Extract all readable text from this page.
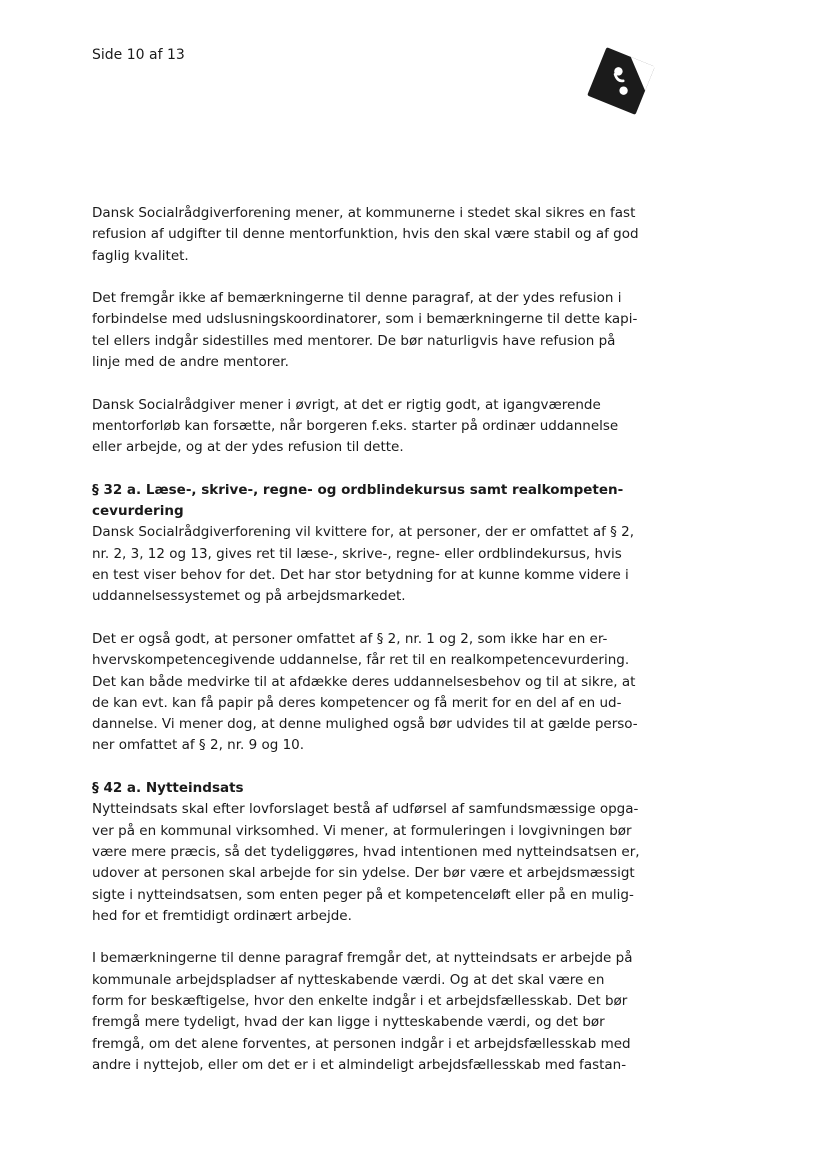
Side 10 af 13

Dansk Socialrådgiverforening mener, at kommunerne i stedet skal sikres en fast
refusion af udgifter til denne mentorfunktion, hvis den skal være stabil og af god
faglig kvalitet.

Det fremgår ikke af bemærkningerne til denne paragraf, at der ydes refusion i
forbindelse med udslusningskoordinatorer, som i bemærkningerne til dette kapi-
tel ellers indgår sidestilles med mentorer. De bør naturligvis have refusion på
linje med de andre mentorer.

Dansk Socialrådgiver mener i øvrigt, at det er rigtig godt, at igangværende
mentorforløb kan forsætte, når borgeren f.eks. starter på ordinær uddannelse
eller arbejde, og at der ydes refusion til dette.

§ 32 a. Læse-, skrive-, regne- og ordblindekursus samt realkompeten-
cevurdering

Dansk Socialrådgiverforening vil kvittere for, at personer, der er omfattet af § 2,
nr. 2, 3, 12 og 13, gives ret til læse-, skrive-, regne- eller ordblindekursus, hvis
en test viser behov for det. Det har stor betydning for at kunne komme videre i
uddannelsessystemet og på arbejdsmarkedet.

Det er også godt, at personer omfattet af § 2, nr. 1 og 2, som ikke har en er-
hvervskompetencegivende uddannelse, får ret til en realkompetencevurdering.
Det kan både medvirke til at afdække deres uddannelsesbehov og til at sikre, at
de kan evt. kan få papir på deres kompetencer og få merit for en del af en ud-
dannelse. Vi mener dog, at denne mulighed også bør udvides til at gælde perso-
ner omfattet af § 2, nr. 9 og 10.

§ 42 a. Nytteindsats

Nytteindsats skal efter lovforslaget bestå af udførsel af samfundsmæssige opga-
ver på en kommunal virksomhed. Vi mener, at formuleringen i lovgivningen bør
være mere præcis, så det tydeliggøres, hvad intentionen med nytteindsatsen er,
udover at personen skal arbejde for sin ydelse. Der bør være et arbejdsmæssigt
sigte i nytteindsatsen, som enten peger på et kompetenceløft eller på en mulig-
hed for et fremtidigt ordinært arbejde.

I bemærkningerne til denne paragraf fremgår det, at nytteindsats er arbejde på
kommunale arbejdspladser af nytteskabende værdi. Og at det skal være en
form for beskæftigelse, hvor den enkelte indgår i et arbejdsfællesskab. Det bør
fremgå mere tydeligt, hvad der kan ligge i nytteskabende værdi, og det bør
fremgå, om det alene forventes, at personen indgår i et arbejdsfællesskab med
andre i nyttejob, eller om det er i et almindeligt arbejdsfællesskab med fastan-
